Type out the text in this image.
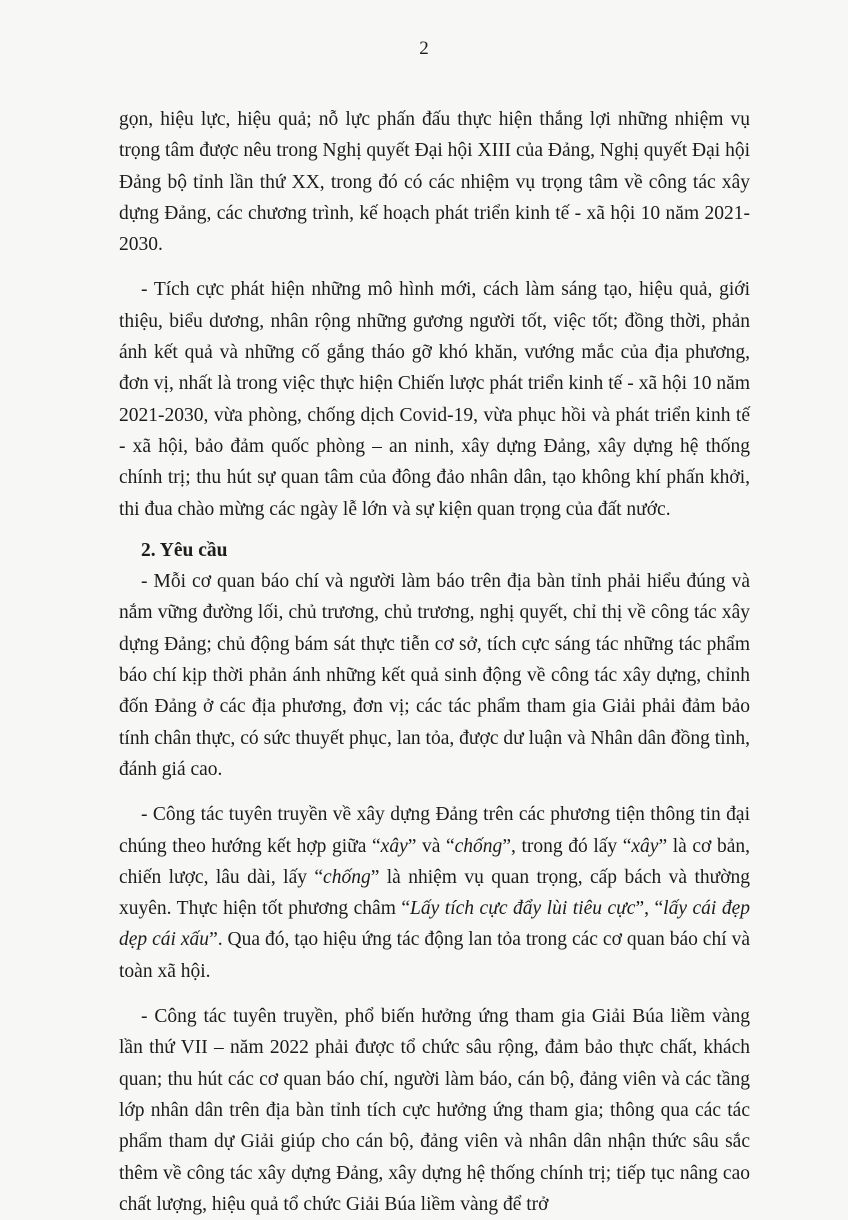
2

gọn, hiệu lực, hiệu quả; nỗ lực phấn đấu thực hiện thắng lợi những nhiệm vụ trọng tâm được nêu trong Nghị quyết Đại hội XIII của Đảng, Nghị quyết Đại hội Đảng bộ tỉnh lần thứ XX, trong đó có các nhiệm vụ trọng tâm về công tác xây dựng Đảng, các chương trình, kế hoạch phát triển kinh tế - xã hội 10 năm 2021-2030.

- Tích cực phát hiện những mô hình mới, cách làm sáng tạo, hiệu quả, giới thiệu, biểu dương, nhân rộng những gương người tốt, việc tốt; đồng thời, phản ánh kết quả và những cố gắng tháo gỡ khó khăn, vướng mắc của địa phương, đơn vị, nhất là trong việc thực hiện Chiến lược phát triển kinh tế - xã hội 10 năm 2021-2030, vừa phòng, chống dịch Covid-19, vừa phục hồi và phát triển kinh tế - xã hội, bảo đảm quốc phòng – an ninh, xây dựng Đảng, xây dựng hệ thống chính trị; thu hút sự quan tâm của đông đảo nhân dân, tạo không khí phấn khởi, thi đua chào mừng các ngày lễ lớn và sự kiện quan trọng của đất nước.

2. Yêu cầu

- Mỗi cơ quan báo chí và người làm báo trên địa bàn tỉnh phải hiểu đúng và nắm vững đường lối, chủ trương, chủ trương, nghị quyết, chỉ thị về công tác xây dựng Đảng; chủ động bám sát thực tiễn cơ sở, tích cực sáng tác những tác phẩm báo chí kịp thời phản ánh những kết quả sinh động về công tác xây dựng, chỉnh đốn Đảng ở các địa phương, đơn vị; các tác phẩm tham gia Giải phải đảm bảo tính chân thực, có sức thuyết phục, lan tỏa, được dư luận và Nhân dân đồng tình, đánh giá cao.

- Công tác tuyên truyền về xây dựng Đảng trên các phương tiện thông tin đại chúng theo hướng kết hợp giữa “xây” và “chống”, trong đó lấy “xây” là cơ bản, chiến lược, lâu dài, lấy “chống” là nhiệm vụ quan trọng, cấp bách và thường xuyên. Thực hiện tốt phương châm “Lấy tích cực đẩy lùi tiêu cực”, “lấy cái đẹp dẹp cái xấu”. Qua đó, tạo hiệu ứng tác động lan tỏa trong các cơ quan báo chí và toàn xã hội.

- Công tác tuyên truyền, phổ biến hưởng ứng tham gia Giải Búa liềm vàng lần thứ VII – năm 2022 phải được tổ chức sâu rộng, đảm bảo thực chất, khách quan; thu hút các cơ quan báo chí, người làm báo, cán bộ, đảng viên và các tầng lớp nhân dân trên địa bàn tỉnh tích cực hưởng ứng tham gia; thông qua các tác phẩm tham dự Giải giúp cho cán bộ, đảng viên và nhân dân nhận thức sâu sắc thêm về công tác xây dựng Đảng, xây dựng hệ thống chính trị; tiếp tục nâng cao chất lượng, hiệu quả tổ chức Giải Búa liềm vàng để trở
